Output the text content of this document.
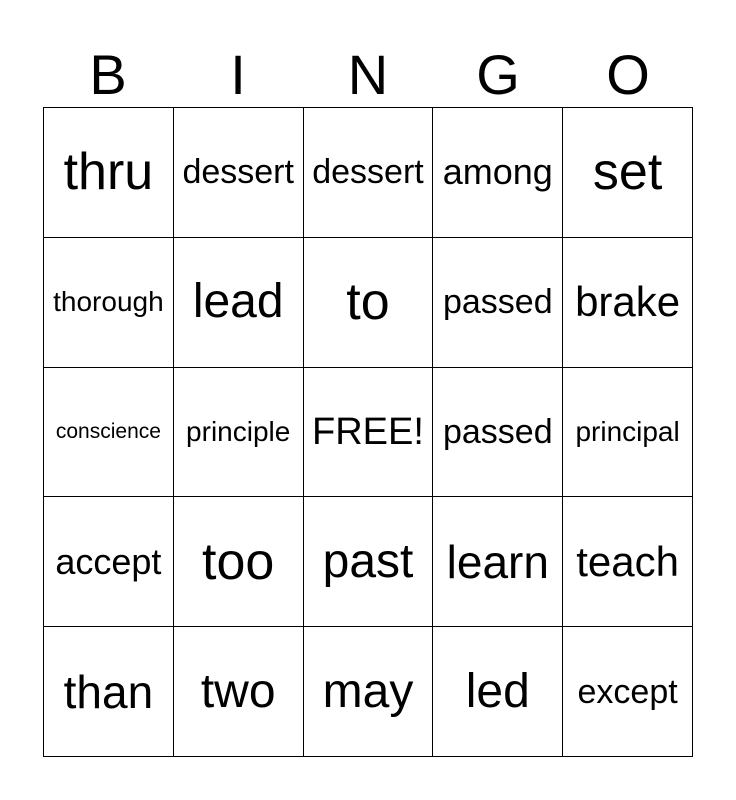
B	I	N	G	O
thru dessert dessert among set
thorough lead to passed brake
conscience principle FREE! passed principal
accept too past learn teach
than two may led except
